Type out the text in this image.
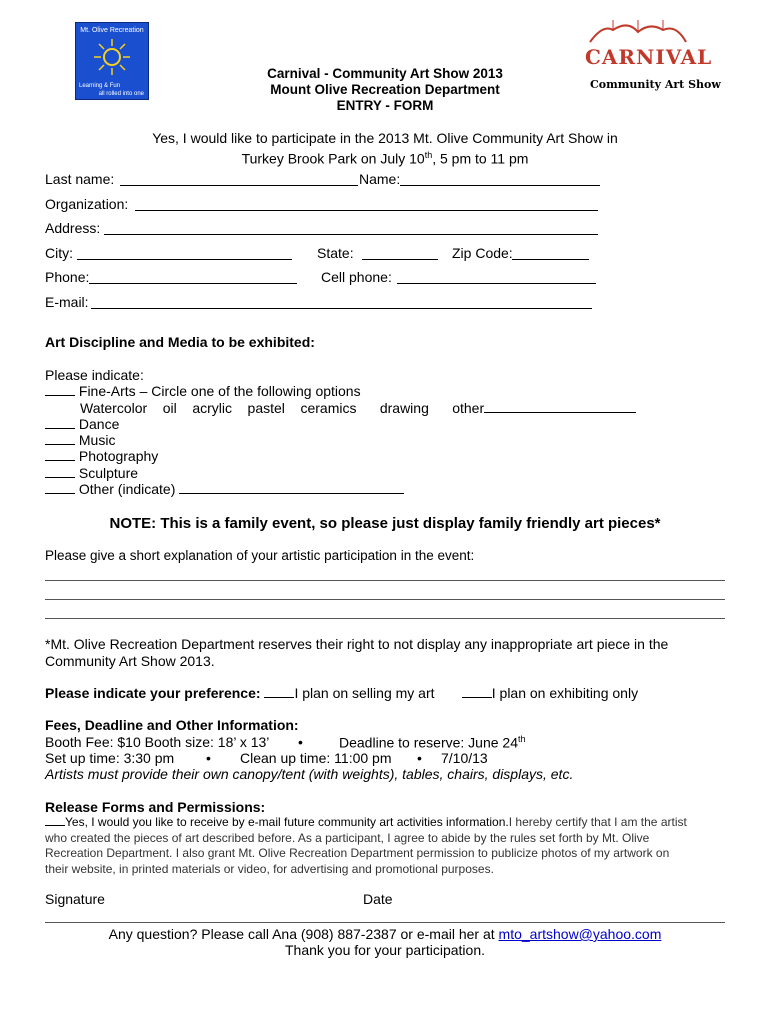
Mt. Olive Recreation
Learning & Fun
all rolled into one
CARNIVAL
Community Art Show
Carnival - Community Art Show 2013
Mount Olive Recreation Department
ENTRY - FORM
Yes, I would like to participate in the 2013 Mt. Olive Community Art Show in
Turkey Brook Park on July 10th, 5 pm to 11 pm
Last name:	Name:
Organization:
Address:
City:	State:	Zip Code:
Phone:	Cell phone:
E-mail:
Art Discipline and Media to be exhibited:
Please indicate:
Fine-Arts – Circle one of the following options
Watercolor oil acrylic pastel ceramics drawing other
Dance
Music
Photography
Sculpture
Other (indicate)
NOTE: This is a family event, so please just display family friendly art pieces*
Please give a short explanation of your artistic participation in the event:
*Mt. Olive Recreation Department reserves their right to not display any inappropriate art piece in the
Community Art Show 2013.
Please indicate your preference: I plan on selling my art	I plan on exhibiting only
Fees, Deadline and Other Information:
Booth Fee: $10 Booth size: 18’ x 13’ •	Deadline to reserve: June 24th
Set up time: 3:30 pm • Clean up time: 11:00 pm • 7/10/13
Artists must provide their own canopy/tent (with weights), tables, chairs, displays, etc.
Release Forms and Permissions:
Yes, I would you like to receive by e-mail future community art activities information.I hereby certify that I am the artist
who created the pieces of art described before. As a participant, I agree to abide by the rules set forth by Mt. Olive
Recreation Department. I also grant Mt. Olive Recreation Department permission to publicize photos of my artwork on
their website, in printed materials or video, for advertising and promotional purposes.
Signature	Date
Any question? Please call Ana (908) 887-2387 or e-mail her at mto_artshow@yahoo.com
Thank you for your participation.
